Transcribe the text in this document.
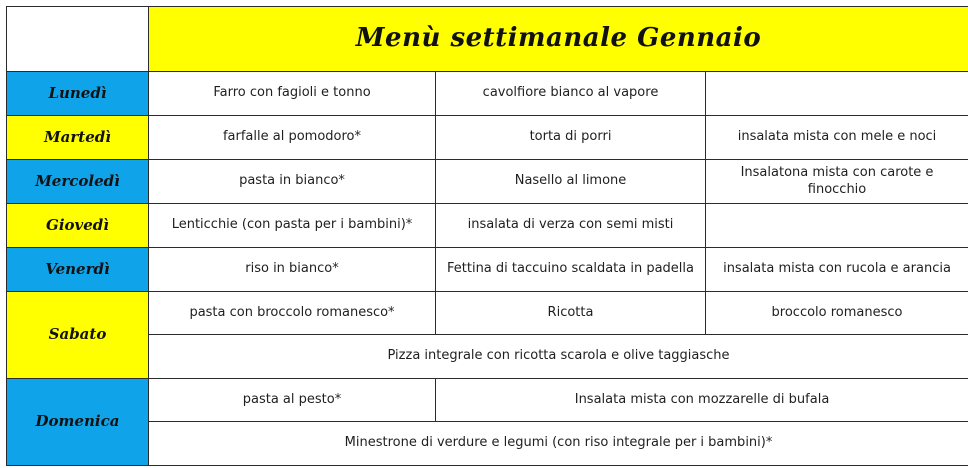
	Menù settimanale Gennaio		
Lunedì	Farro con fagioli e tonno	cavolfiore bianco al vapore	
Martedì	farfalle al pomodoro*	torta di porri	insalata mista con mele e noci
Mercoledì	pasta in bianco*	Nasello al limone	Insalatona mista con carote e finocchio
Giovedì	Lenticchie (con pasta per i bambini)*	insalata di verza con semi misti	
Venerdì	riso in bianco*	Fettina di taccuino scaldata in padella	insalata mista con rucola e arancia
Sabato	pasta con broccolo romanesco*	Ricotta	broccolo romanesco
	Pizza integrale con ricotta scarola e olive taggiasche		
Domenica	pasta al pesto*	Insalata mista con mozzarelle di bufala	
	Minestrone di verdure e legumi (con riso integrale per i bambini)*		
